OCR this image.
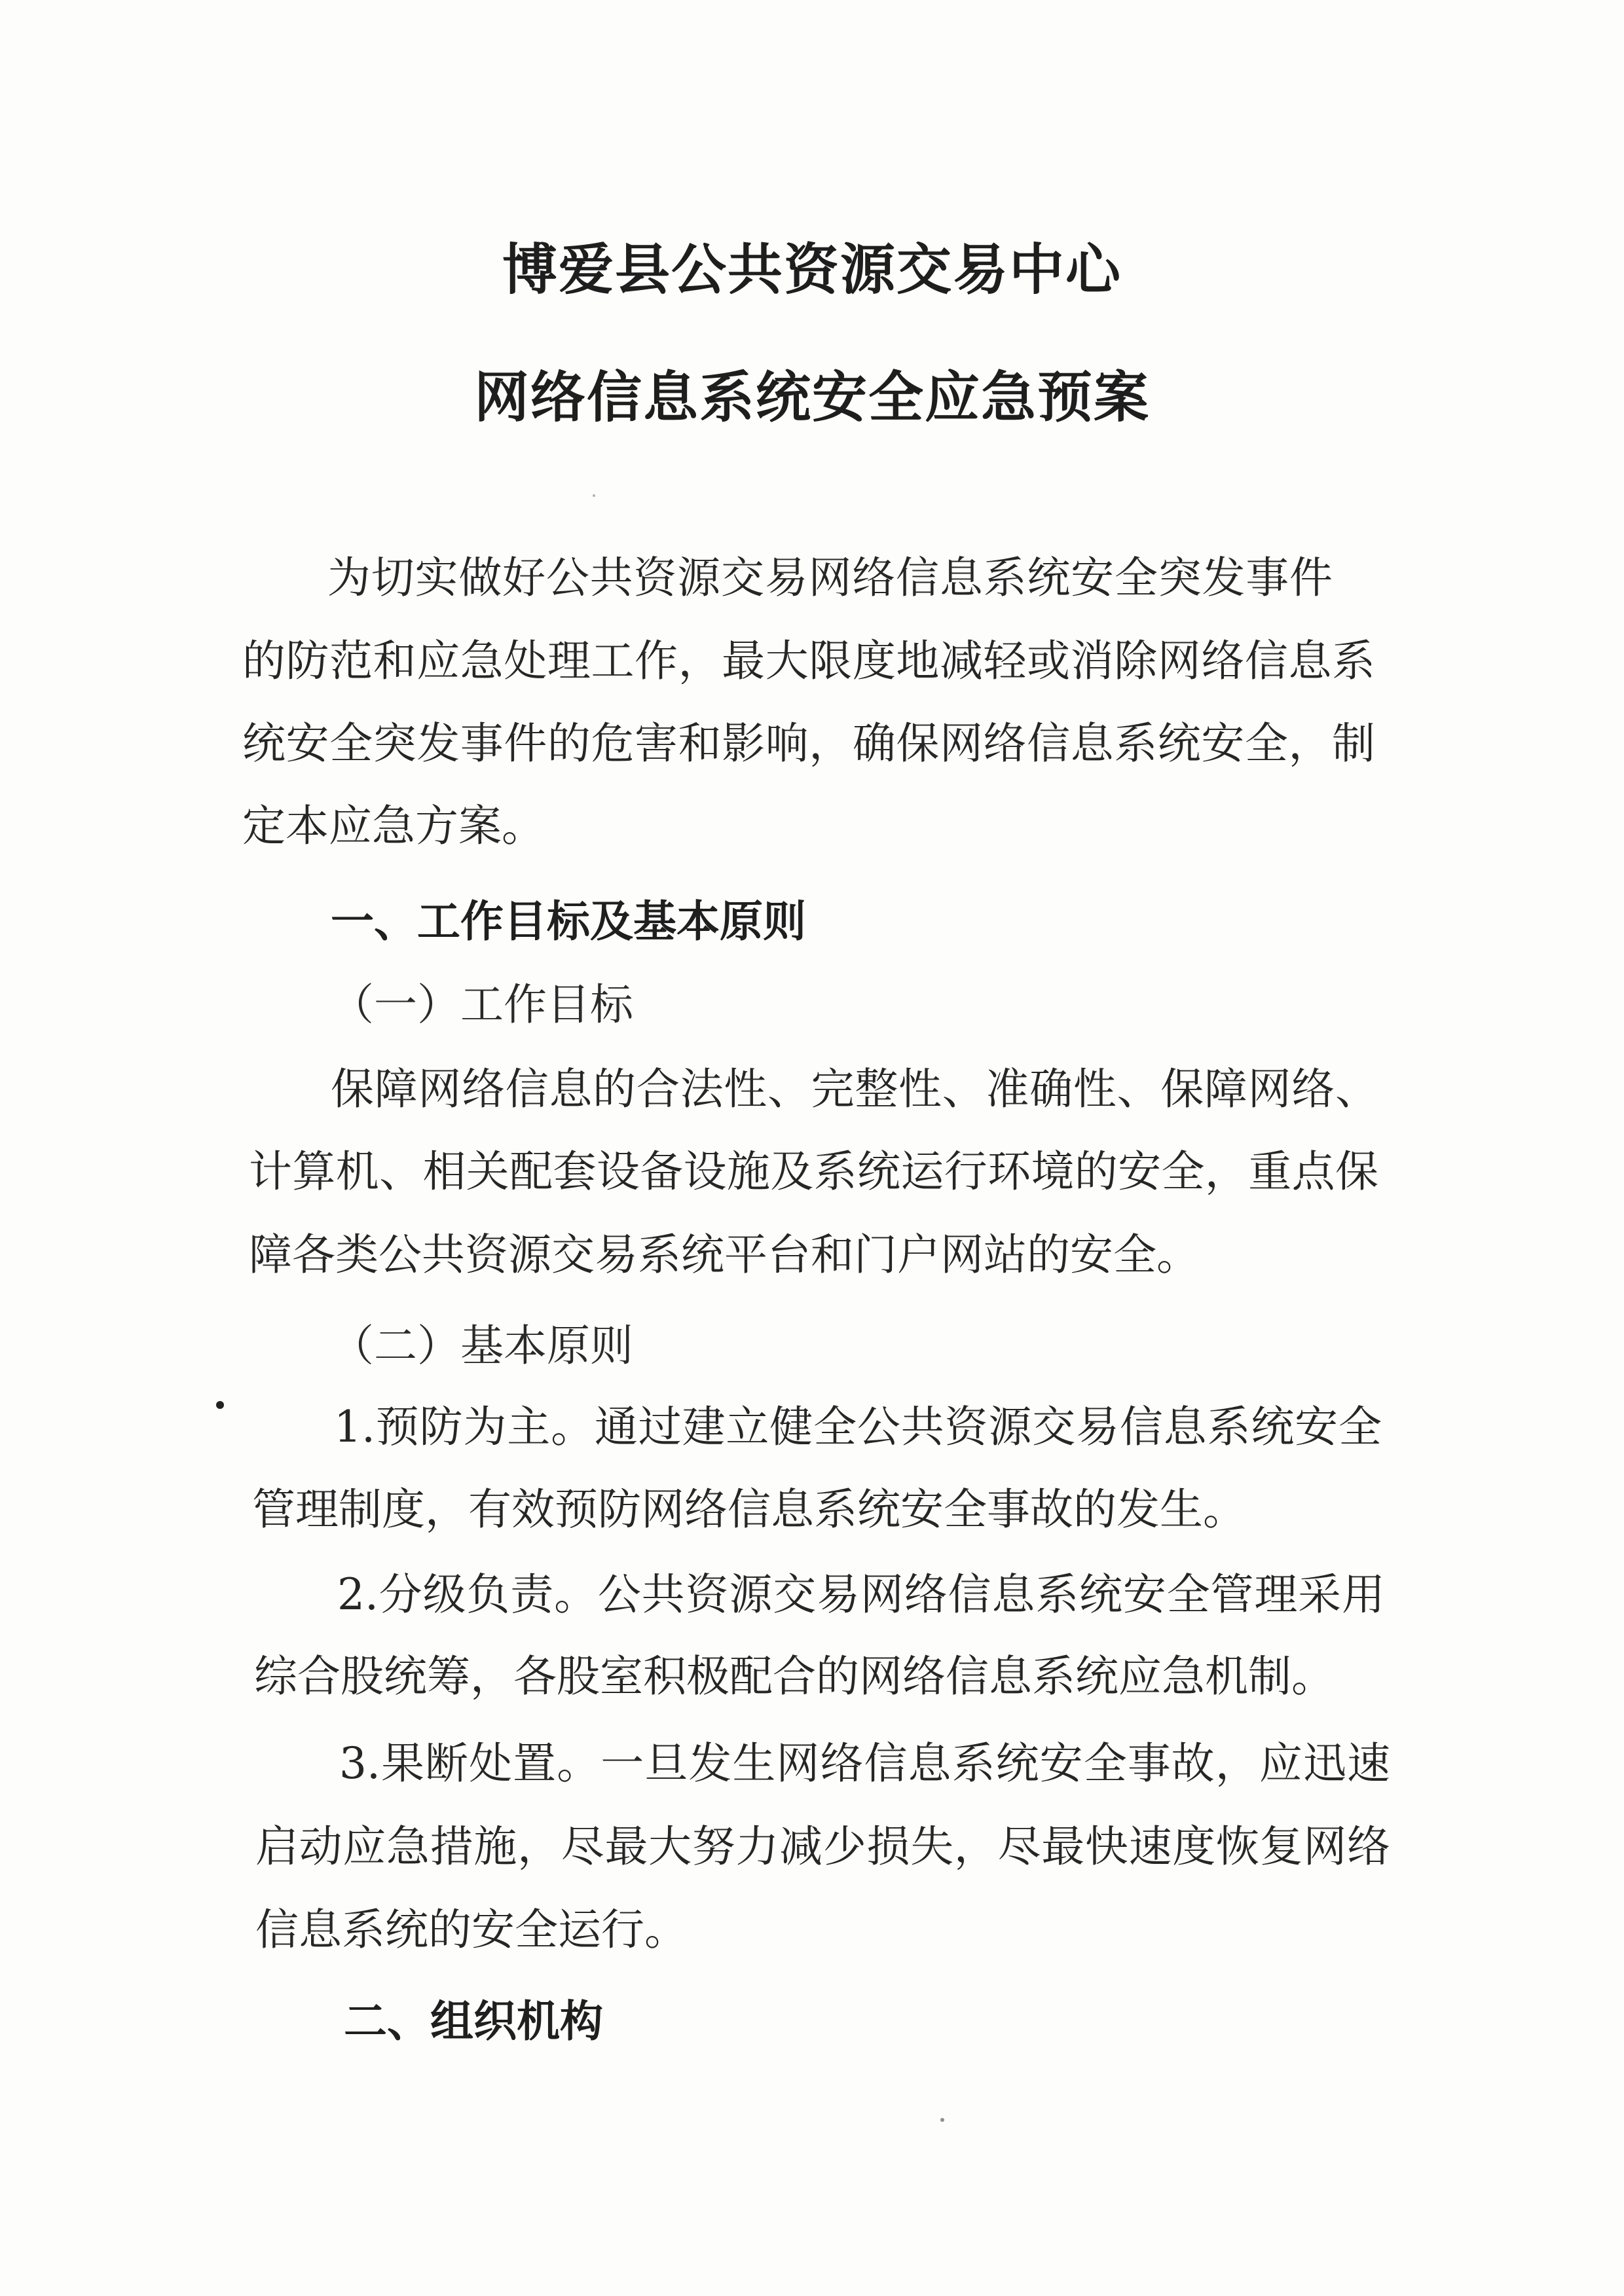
博爱县公共资源交易中心
网络信息系统安全应急预案

为切实做好公共资源交易网络信息系统安全突发事件

的防范和应急处理工作，最大限度地减轻或消除网络信息系

统安全突发事件的危害和影响，确保网络信息系统安全，制

定本应急方案。

一、工作目标及基本原则

（一）工作目标

保障网络信息的合法性、完整性、准确性、保障网络、

计算机、相关配套设备设施及系统运行环境的安全，重点保

障各类公共资源交易系统平台和门户网站的安全。

（二）基本原则

1.预防为主。通过建立健全公共资源交易信息系统安全

管理制度，有效预防网络信息系统安全事故的发生。

2.分级负责。公共资源交易网络信息系统安全管理采用

综合股统筹，各股室积极配合的网络信息系统应急机制。

3.果断处置。一旦发生网络信息系统安全事故，应迅速

启动应急措施，尽最大努力减少损失，尽最快速度恢复网络

信息系统的安全运行。

二、组织机构
